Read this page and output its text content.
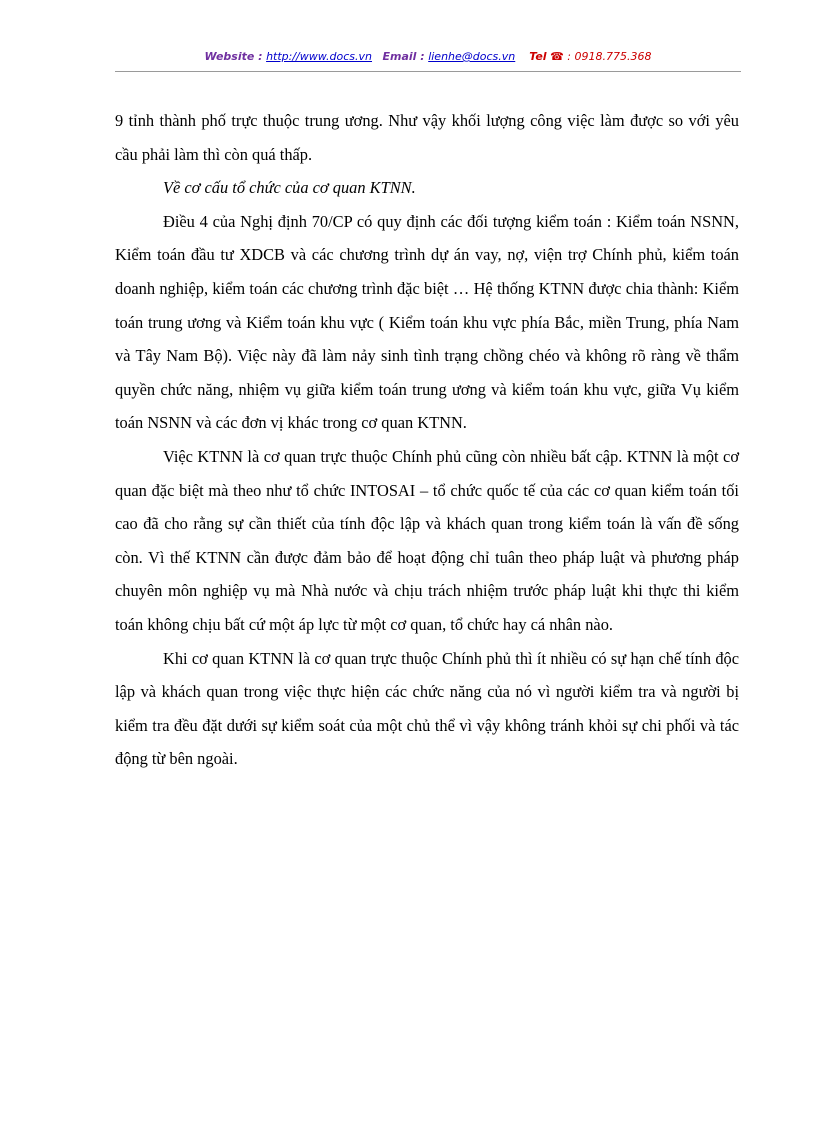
Website : http://www.docs.vn Email : lienhe@docs.vn Tel ☎ : 0918.775.368

9 tỉnh thành phố trực thuộc trung ương. Như vậy khối lượng công việc làm được so với yêu cầu phải làm thì còn quá thấp.

Về cơ cấu tổ chức của cơ quan KTNN.

Điều 4 của Nghị định 70/CP có quy định các đối tượng kiểm toán : Kiểm toán NSNN, Kiểm toán đầu tư XDCB và các chương trình dự án vay, nợ, viện trợ Chính phủ, kiểm toán doanh nghiệp, kiểm toán các chương trình đặc biệt … Hệ thống KTNN được chia thành: Kiểm toán trung ương và Kiểm toán khu vực ( Kiểm toán khu vực phía Bắc, miền Trung, phía Nam và Tây Nam Bộ). Việc này đã làm nảy sinh tình trạng chồng chéo và không rõ ràng về thẩm quyền chức năng, nhiệm vụ giữa kiểm toán trung ương và kiểm toán khu vực, giữa Vụ kiểm toán NSNN và các đơn vị khác trong cơ quan KTNN.

Việc KTNN là cơ quan trực thuộc Chính phủ cũng còn nhiều bất cập. KTNN là một cơ quan đặc biệt mà theo như tổ chức INTOSAI – tổ chức quốc tế của các cơ quan kiểm toán tối cao đã cho rằng sự cần thiết của tính độc lập và khách quan trong kiểm toán là vấn đề sống còn. Vì thế KTNN cần được đảm bảo để hoạt động chỉ tuân theo pháp luật và phương pháp chuyên môn nghiệp vụ mà Nhà nước và chịu trách nhiệm trước pháp luật khi thực thi kiểm toán không chịu bất cứ một áp lực từ một cơ quan, tổ chức hay cá nhân nào.

Khi cơ quan KTNN là cơ quan trực thuộc Chính phủ thì ít nhiều có sự hạn chế tính độc lập và khách quan trong việc thực hiện các chức năng của nó vì người kiểm tra và người bị kiểm tra đều đặt dưới sự kiểm soát của một chủ thể vì vậy không tránh khỏi sự chi phối và tác động từ bên ngoài.
